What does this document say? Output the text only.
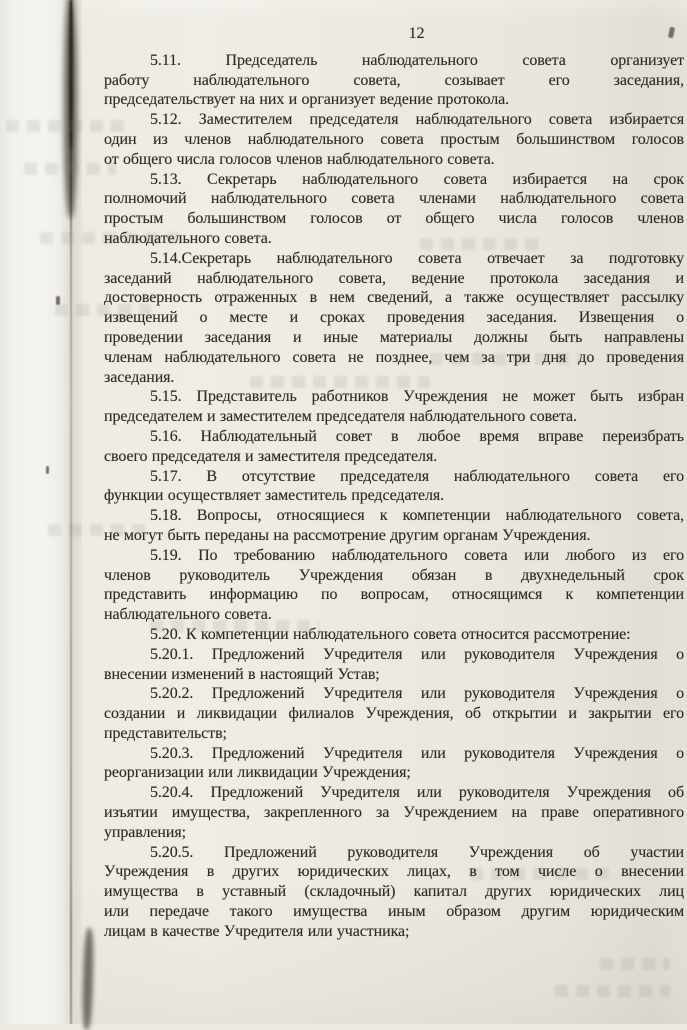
12
5.11. Председатель наблюдательного совета организует
работу наблюдательного совета, созывает его заседания,
председательствует на них и организует ведение протокола.
5.12. Заместителем председателя наблюдательного совета избирается
один из членов наблюдательного совета простым большинством голосов
от общего числа голосов членов наблюдательного совета.
5.13. Секретарь наблюдательного совета избирается на срок
полномочий наблюдательного совета членами наблюдательного совета
простым большинством голосов от общего числа голосов членов
наблюдательного совета.
5.14.Секретарь наблюдательного совета отвечает за подготовку
заседаний наблюдательного совета, ведение протокола заседания и
достоверность отраженных в нем сведений, а также осуществляет рассылку
извещений о месте и сроках проведения заседания. Извещения о
проведении заседания и иные материалы должны быть направлены
членам наблюдательного совета не позднее, чем за три дня до проведения
заседания.
5.15. Представитель работников Учреждения не может быть избран
председателем и заместителем председателя наблюдательного совета.
5.16. Наблюдательный совет в любое время вправе переизбрать
своего председателя и заместителя председателя.
5.17. В отсутствие председателя наблюдательного совета его
функции осуществляет заместитель председателя.
5.18. Вопросы, относящиеся к компетенции наблюдательного совета,
не могут быть переданы на рассмотрение другим органам Учреждения.
5.19. По требованию наблюдательного совета или любого из его
членов руководитель Учреждения обязан в двухнедельный срок
представить информацию по вопросам, относящимся к компетенции
наблюдательного совета.
5.20. К компетенции наблюдательного совета относится рассмотрение:
5.20.1. Предложений Учредителя или руководителя Учреждения о
внесении изменений в настоящий Устав;
5.20.2. Предложений Учредителя или руководителя Учреждения о
создании и ликвидации филиалов Учреждения, об открытии и закрытии его
представительств;
5.20.3. Предложений Учредителя или руководителя Учреждения о
реорганизации или ликвидации Учреждения;
5.20.4. Предложений Учредителя или руководителя Учреждения об
изъятии имущества, закрепленного за Учреждением на праве оперативного
управления;
5.20.5. Предложений руководителя Учреждения об участии
Учреждения в других юридических лицах, в том числе о внесении
имущества в уставный (складочный) капитал других юридических лиц
или передаче такого имущества иным образом другим юридическим
лицам в качестве Учредителя или участника;
